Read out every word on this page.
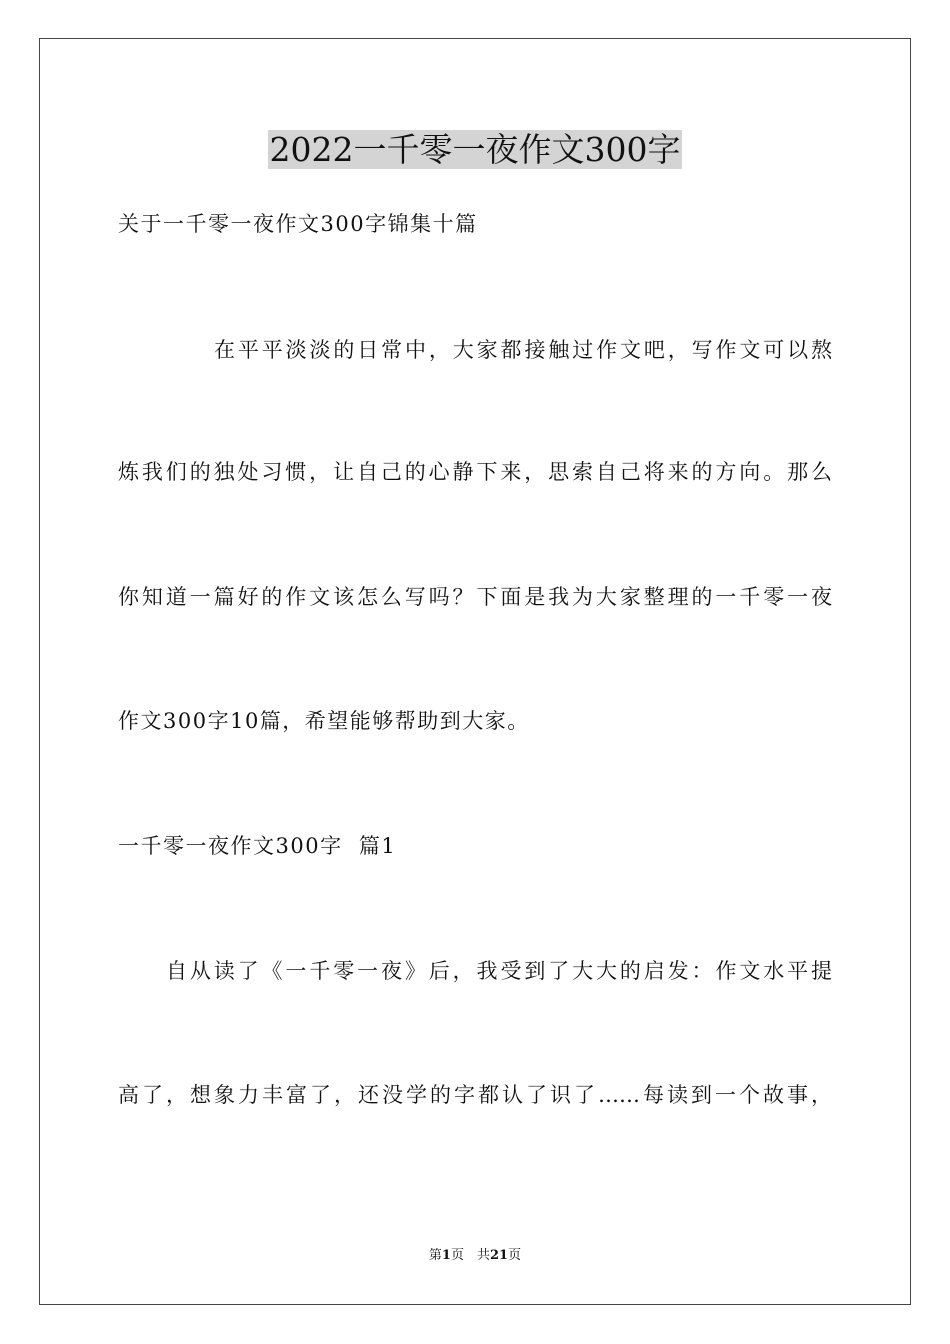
2022一千零一夜作文300字
关于一千零一夜作文300字锦集十篇
在平平淡淡的日常中，大家都接触过作文吧，写作文可以熬
炼我们的独处习惯，让自己的心静下来，思索自己将来的方向。那么
你知道一篇好的作文该怎么写吗？下面是我为大家整理的一千零一夜
作文300字10篇，希望能够帮助到大家。
一千零一夜作文300字  篇1
自从读了《一千零一夜》后，我受到了大大的启发：作文水平提
高了，想象力丰富了，还没学的字都认了识了……每读到一个故事，
第1页　共21页
